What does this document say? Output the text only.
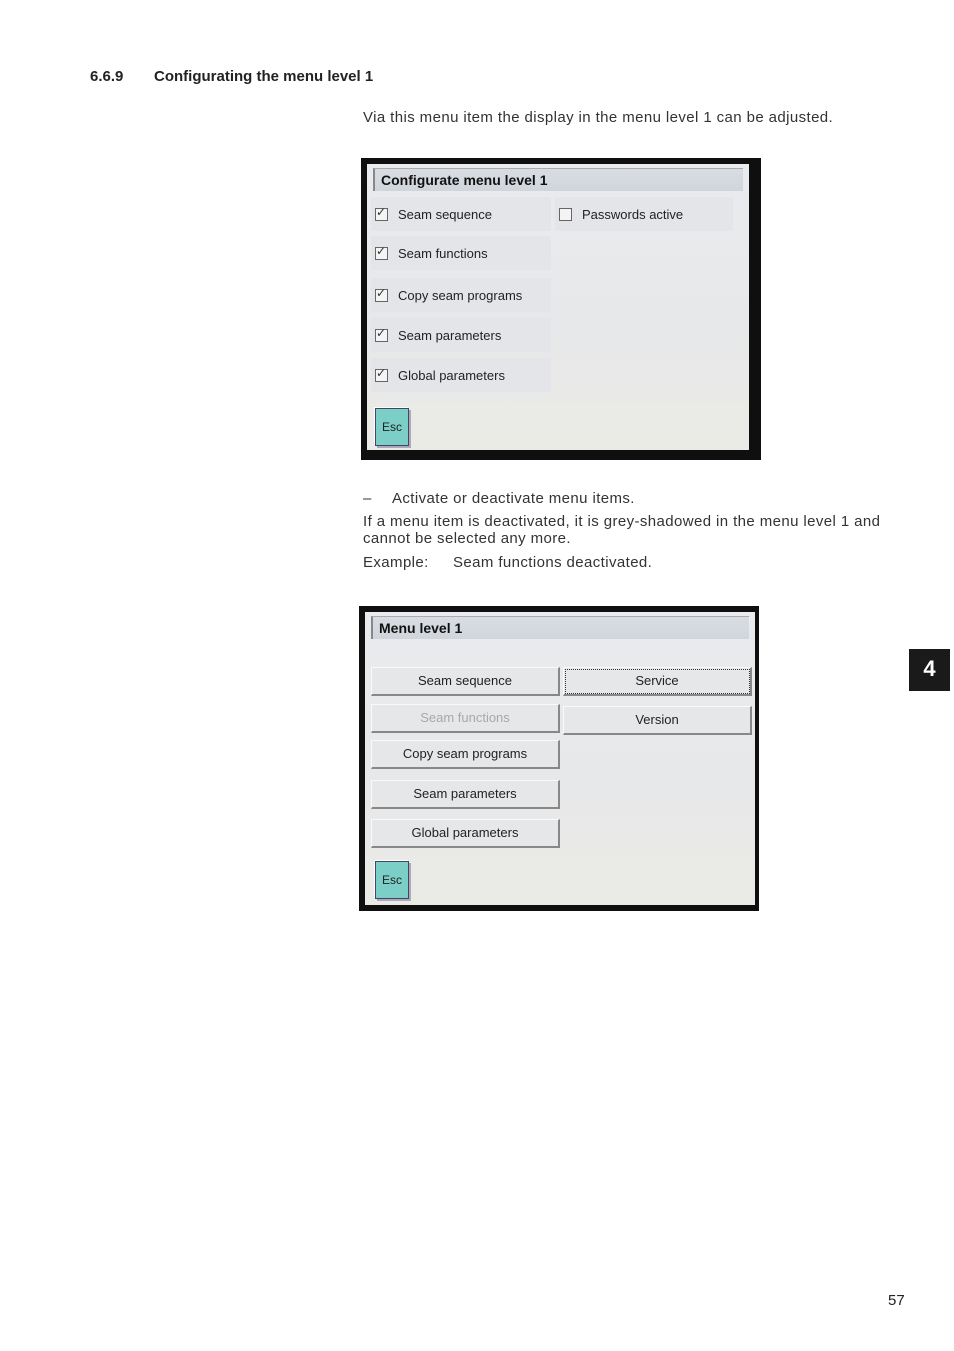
6.6.9 Configurating the menu level 1
Via this menu item the display in the menu level 1 can be adjusted.
Configurate menu level 1
✓ Seam sequence
✓ Seam functions
✓ Copy seam programs
✓ Seam parameters
✓ Global parameters
Passwords active
Esc
– Activate or deactivate menu items.
If a menu item is deactivated, it is grey-shadowed in the menu level 1 and cannot be selected any more.
Example: Seam functions deactivated.
Menu level 1
Seam sequence
Seam functions
Copy seam programs
Seam parameters
Global parameters
Service
Version
Esc
4
57
